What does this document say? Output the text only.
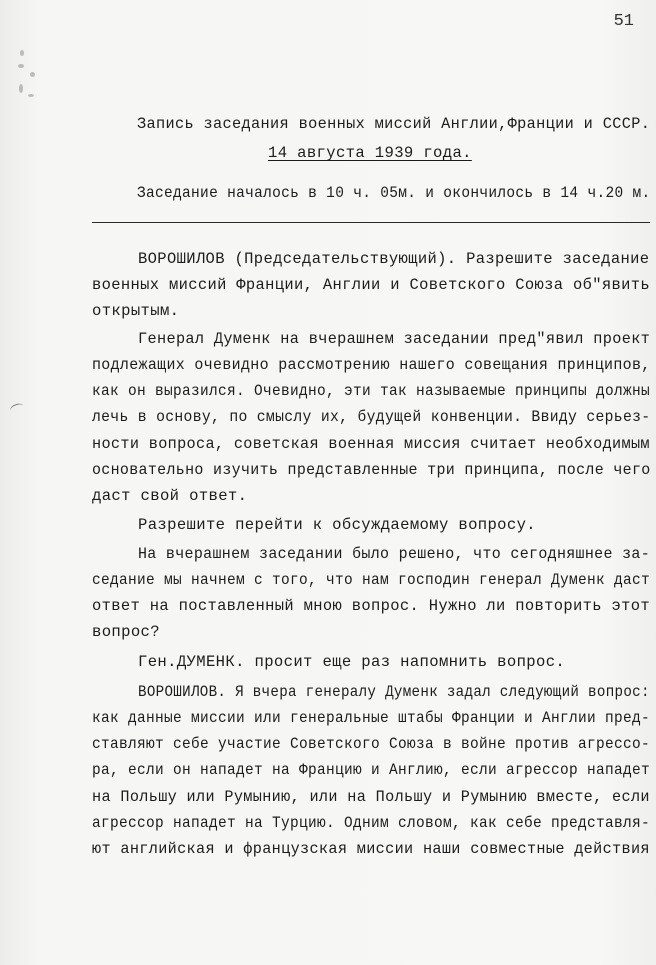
51

Запись заседания военных миссий Англии,Франции и СССР.

14 августа 1939 года.

Заседание началось в 10 ч. 05м. и окончилось в 14 ч.20 м.

ВОРОШИЛОВ (Председательствующий). Разрешите заседание

военных миссий Франции, Англии и Советского Союза об"явить

открытым.

Генерал Думенк на вчерашнем заседании пред"явил проект

подлежащих очевидно рассмотрению нашего совещания принципов,

как он выразился. Очевидно, эти так называемые принципы должны

лечь в основу, по смыслу их, будущей конвенции. Ввиду серьез-

ности вопроса, советская военная миссия считает необходимым

основательно изучить представленные три принципа, после чего

даст свой ответ.

Разрешите перейти к обсуждаемому вопросу.

На вчерашнем заседании было решено, что сегодняшнее за-

седание мы начнем с того, что нам господин генерал Думенк даст

ответ на поставленный мною вопрос. Нужно ли повторить этот

вопрос?

Ген.ДУМЕНК. просит еще раз напомнить вопрос.

ВОРОШИЛОВ. Я вчера генералу Думенк задал следующий вопрос:

как данные миссии или генеральные штабы Франции и Англии пред-

ставляют себе участие Советского Союза в войне против агрессо-

ра, если он нападет на Францию и Англию, если агрессор нападет

на Польшу или Румынию, или на Польшу и Румынию вместе, если

агрессор нападет на Турцию. Одним словом, как себе представля-

ют английская и французская миссии наши совместные действия
